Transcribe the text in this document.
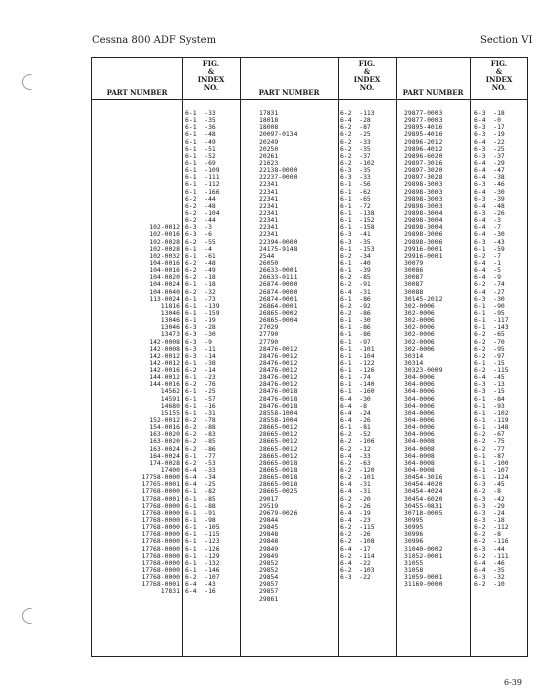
Cessna 800 ADF System	Section VI
PART NUMBER
FIG.
&
INDEX
NO.
PART NUMBER
FIG.
&
INDEX
NO.
PART NUMBER
FIG.
&
INDEX
NO.
102-0012
102-0016
102-0028
102-0028
102-0032
104-0016
104-0016
104-0020
104-0024
104-0040
113-0024
11816
13046
13046
13046
13473
142-0008
142-0008
142-0012
142-0012
142-0016
144-0012
144-0016
14562
14591
14680
15155
152-0012
154-0016
163-0020
163-0020
163-0024
164-0024
174-0028
17400
17758-0000
17765-0001
17768-0000
17768-0001
17768-0000
17768-0000
17768-0000
17768-0000
17768-0000
17768-0000
17768-0000
17768-0000
17768-0000
17768-0000
17768-0000
17768-0001
17831
6-1  -33
6-1  -35
6-1  -36
6-1  -48
6-1  -49
6-1  -51
6-1  -52
6-1  -69
6-1  -109
6-1  -111
6-1  -112
6-1  -166
6-2  -44
6-2  -48
6-2  -104
6-2  -44
6-3  -3
6-3  -6
6-2  -55
6-1  -4
6-1  -61
6-2  -48
6-2  -49
6-2  -18
6-1  -18
6-2  -32
6-1  -73
6-1  -139
6-1  -159
6-1  -19
6-3  -28
6-3  -30
6-3  -9
6-3  -11
6-3  -14
6-1  -38
6-2  -14
6-1  -23
6-2  -76
6-1  -25
6-1  -57
6-1  -16
6-1  -31
6-2  -78
6-2  -88
6-2  -83
6-2  -85
6-2  -86
6-1  -77
6-2  -53
6-4  -33
6-4  -34
6-4  -25
6-1  -82
6-1  -85
6-1  -88
6-1  -91
6-1  -98
6-1  -105
6-1  -115
6-1  -123
6-1  -126
6-1  -129
6-1  -132
6-1  -146
6-2  -107
6-4  -43
6-4  -16
17831
18018
18008
20097-0134
20249
20250
20261
21623
22138-0000
22237-0000
22341
22341
22341
22341
22341
22341
22341
22341
22394-0000
24175-9148
2544
26050
26633-0001
26633-0111
26874-0000
26874-0000
26874-0001
26864-0001
26865-0002
26865-0004
27029
27790
27790
28476-0012
28476-0012
28476-0012
28476-0012
28476-0012
28476-0012
28476-0018
28476-0018
28476-0018
28558-1004
28558-1004
28665-0012
28665-0012
28665-0012
28665-0012
28665-0012
28665-0018
28665-0018
28665-0018
28665-0018
28665-0025
29017
29519
29679-0026
29844
29845
29848
29848
29849
29849
29852
29852
29854
29857
29857
29861
6-2  -113
6-4  -28
6-2  -87
6-2  -25
6-2  -33
6-2  -35
6-2  -37
6-2  -102
6-3  -35
6-3  -33
6-1  -56
6-1  -62
6-1  -65
6-1  -72
6-1  -138
6-1  -152
6-1  -158
6-3  -41
6-3  -35
6-1  -153
6-2  -34
6-1  -40
6-1  -39
6-2  -85
6-2  -91
6-4  -31
6-1  -86
6-2  -92
6-2  -86
6-1  -30
6-1  -86
6-1  -86
6-1  -97
6-1  -101
6-1  -104
6-1  -122
6-1  -126
6-1  -74
6-1  -140
6-1  -160
6-4  -30
6-4  -8
6-4  -24
6-4  -26
6-1  -81
6-2  -52
6-2  -106
6-2  -12
6-4  -33
6-2  -63
6-2  -120
6-2  -101
6-4  -31
6-4  -31
6-2  -20
6-2  -26
6-4  -19
6-4  -23
6-2  -115
6-2  -26
6-2  -108
6-4  -17
6-2  -114
6-4  -22
6-2  -103
6-3  -22
29877-0003
29877-0003
29895-4016
29895-4016
29896-2012
29896-4012
29896-6020
29897-3016
29897-3020
29897-3028
29898-3003
29898-3003
29898-3003
29898-3003
29898-3004
29898-3004
29898-3004
29898-3006
29898-3006
29916-0001
29916-0001
30079
30086
30087
30087
30088
30145-2012
302-0006
302-0006
302-0006
302-0006
302-0006
302-0006
302-0006
30314
30314
30323-0009
304-0006
304-0006
304-0006
304-0006
304-0006
304-0006
304-0006
304-0006
304-0006
304-0008
304-0008
304-0008
304-0008
304-0008
30454-3016
30454-4020
30454-4024
30454-6020
30455-0831
30718-0005
30995
30995
30996
30996
31040-0002
31052-0001
31055
31058
31059-0001
31169-0000
6-3  -18
6-4  -0
6-3  -17
6-3  -19
6-4  -22
6-3  -25
6-3  -37
6-4  -29
6-4  -47
6-4  -38
6-3  -46
6-4  -30
6-3  -39
6-4  -48
6-3  -26
6-4  -3
6-4  -7
6-4  -30
6-3  -43
6-1  -59
6-2  -7
6-4  -1
6-4  -5
6-4  -9
6-2  -74
6-4  -27
6-3  -30
6-1  -90
6-1  -95
6-1  -117
6-1  -143
6-2  -65
6-2  -70
6-2  -95
6-2  -97
6-1  -15
6-2  -115
6-4  -45
6-3  -13
6-3  -15
6-1  -84
6-1  -93
6-1  -102
6-1  -119
6-1  -148
6-2  -67
6-2  -75
6-2  -77
6-1  -87
6-1  -100
6-1  -107
6-1  -124
6-3  -45
6-2  -8
6-3  -42
6-3  -29
6-3  -24
6-3  -18
6-2  -112
6-2  -8
6-2  -116
6-3  -44
6-2  -111
6-4  -46
6-4  -35
6-3  -32
6-2  -10
6-39
